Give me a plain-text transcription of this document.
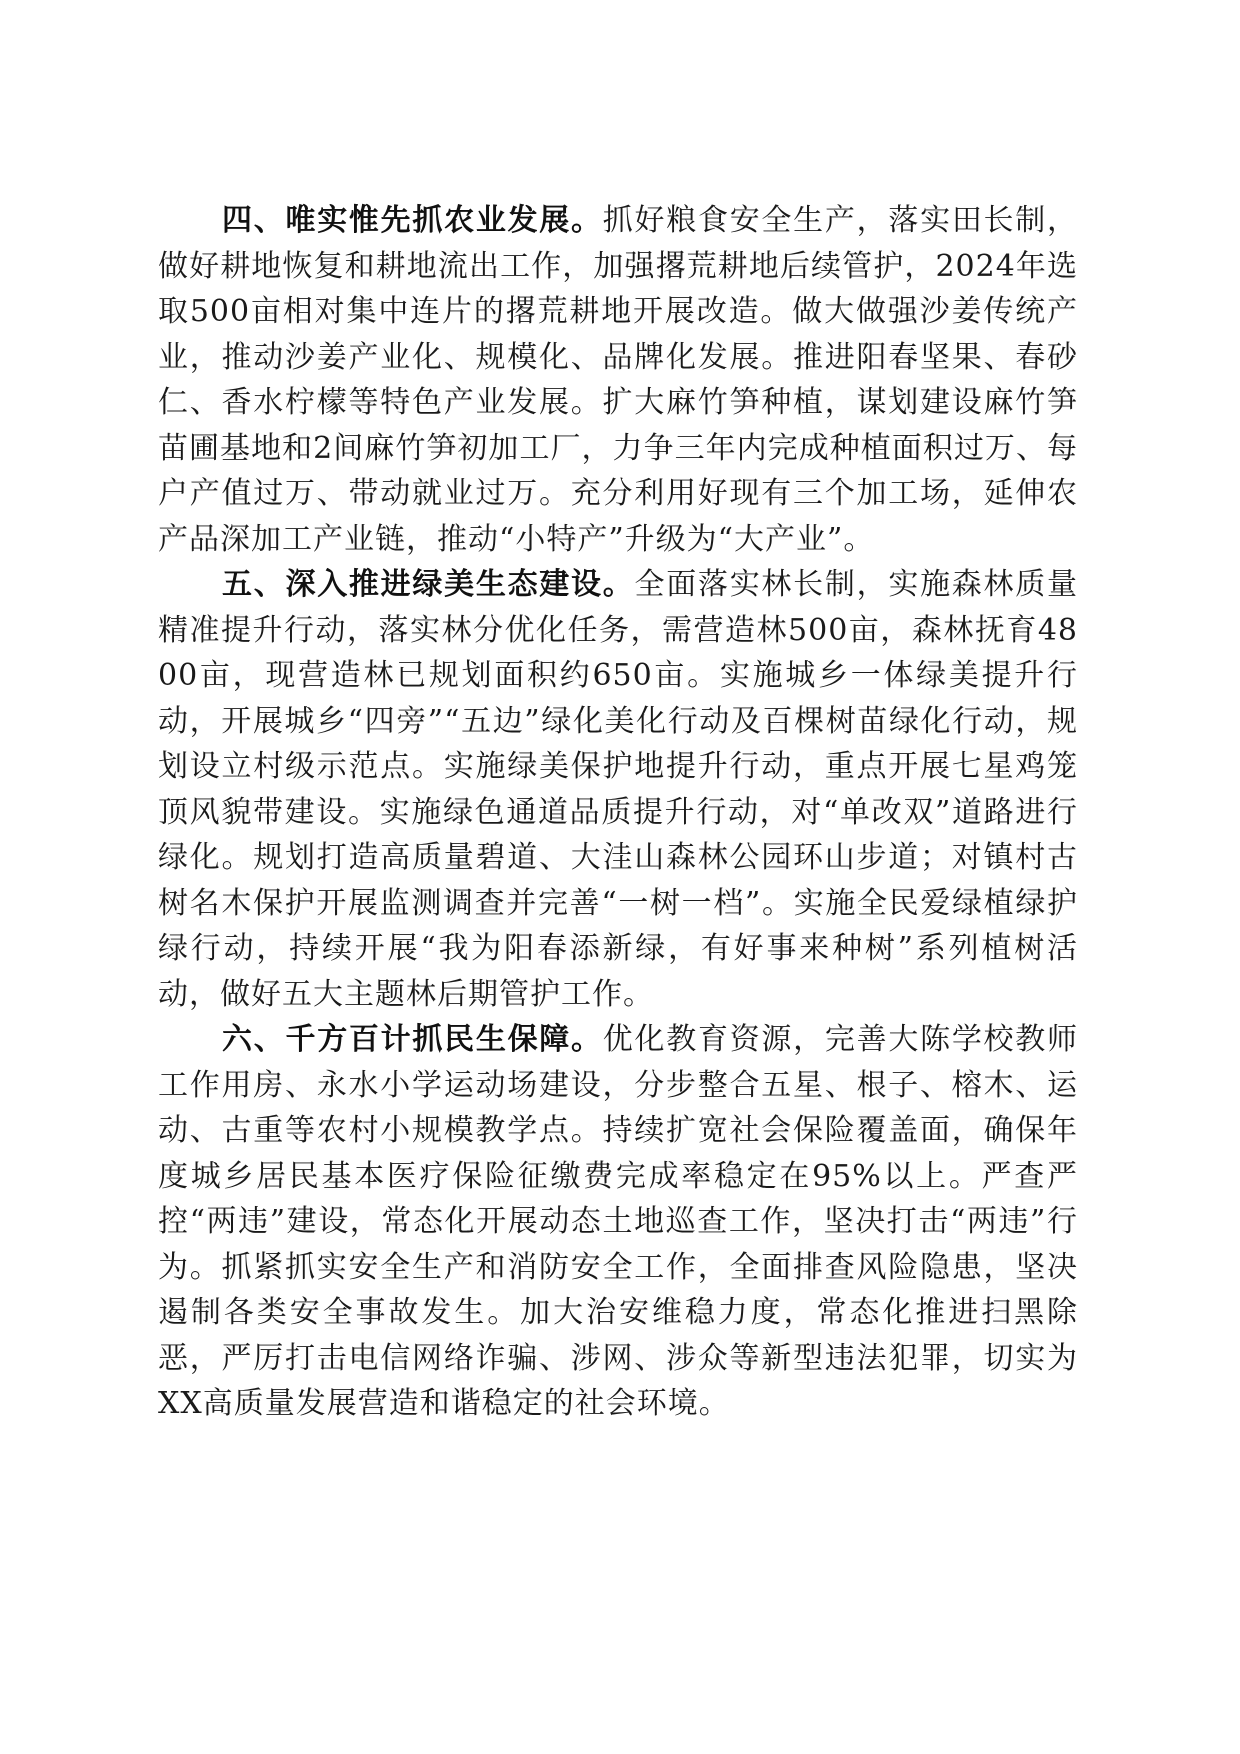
四、唯实惟先抓农业发展。抓好粮食安全生产，落实田长制，做好耕地恢复和耕地流出工作，加强撂荒耕地后续管护，2024年选取500亩相对集中连片的撂荒耕地开展改造。做大做强沙姜传统产业，推动沙姜产业化、规模化、品牌化发展。推进阳春坚果、春砂仁、香水柠檬等特色产业发展。扩大麻竹笋种植，谋划建设麻竹笋苗圃基地和2间麻竹笋初加工厂，力争三年内完成种植面积过万、每户产值过万、带动就业过万。充分利用好现有三个加工场，延伸农产品深加工产业链，推动“小特产”升级为“大产业”。

五、深入推进绿美生态建设。全面落实林长制，实施森林质量精准提升行动，落实林分优化任务，需营造林500亩，森林抚育4800亩，现营造林已规划面积约650亩。实施城乡一体绿美提升行动，开展城乡“四旁”“五边”绿化美化行动及百棵树苗绿化行动，规划设立村级示范点。实施绿美保护地提升行动，重点开展七星鸡笼顶风貌带建设。实施绿色通道品质提升行动，对“单改双”道路进行绿化。规划打造高质量碧道、大洼山森林公园环山步道；对镇村古树名木保护开展监测调查并完善“一树一档”。实施全民爱绿植绿护绿行动，持续开展“我为阳春添新绿，有好事来种树”系列植树活动，做好五大主题林后期管护工作。

六、千方百计抓民生保障。优化教育资源，完善大陈学校教师工作用房、永水小学运动场建设，分步整合五星、根子、榕木、运动、古重等农村小规模教学点。持续扩宽社会保险覆盖面，确保年度城乡居民基本医疗保险征缴费完成率稳定在95%以上。严查严控“两违”建设，常态化开展动态土地巡查工作，坚决打击“两违”行为。抓紧抓实安全生产和消防安全工作，全面排查风险隐患，坚决遏制各类安全事故发生。加大治安维稳力度，常态化推进扫黑除恶，严厉打击电信网络诈骗、涉网、涉众等新型违法犯罪，切实为XX高质量发展营造和谐稳定的社会环境。
